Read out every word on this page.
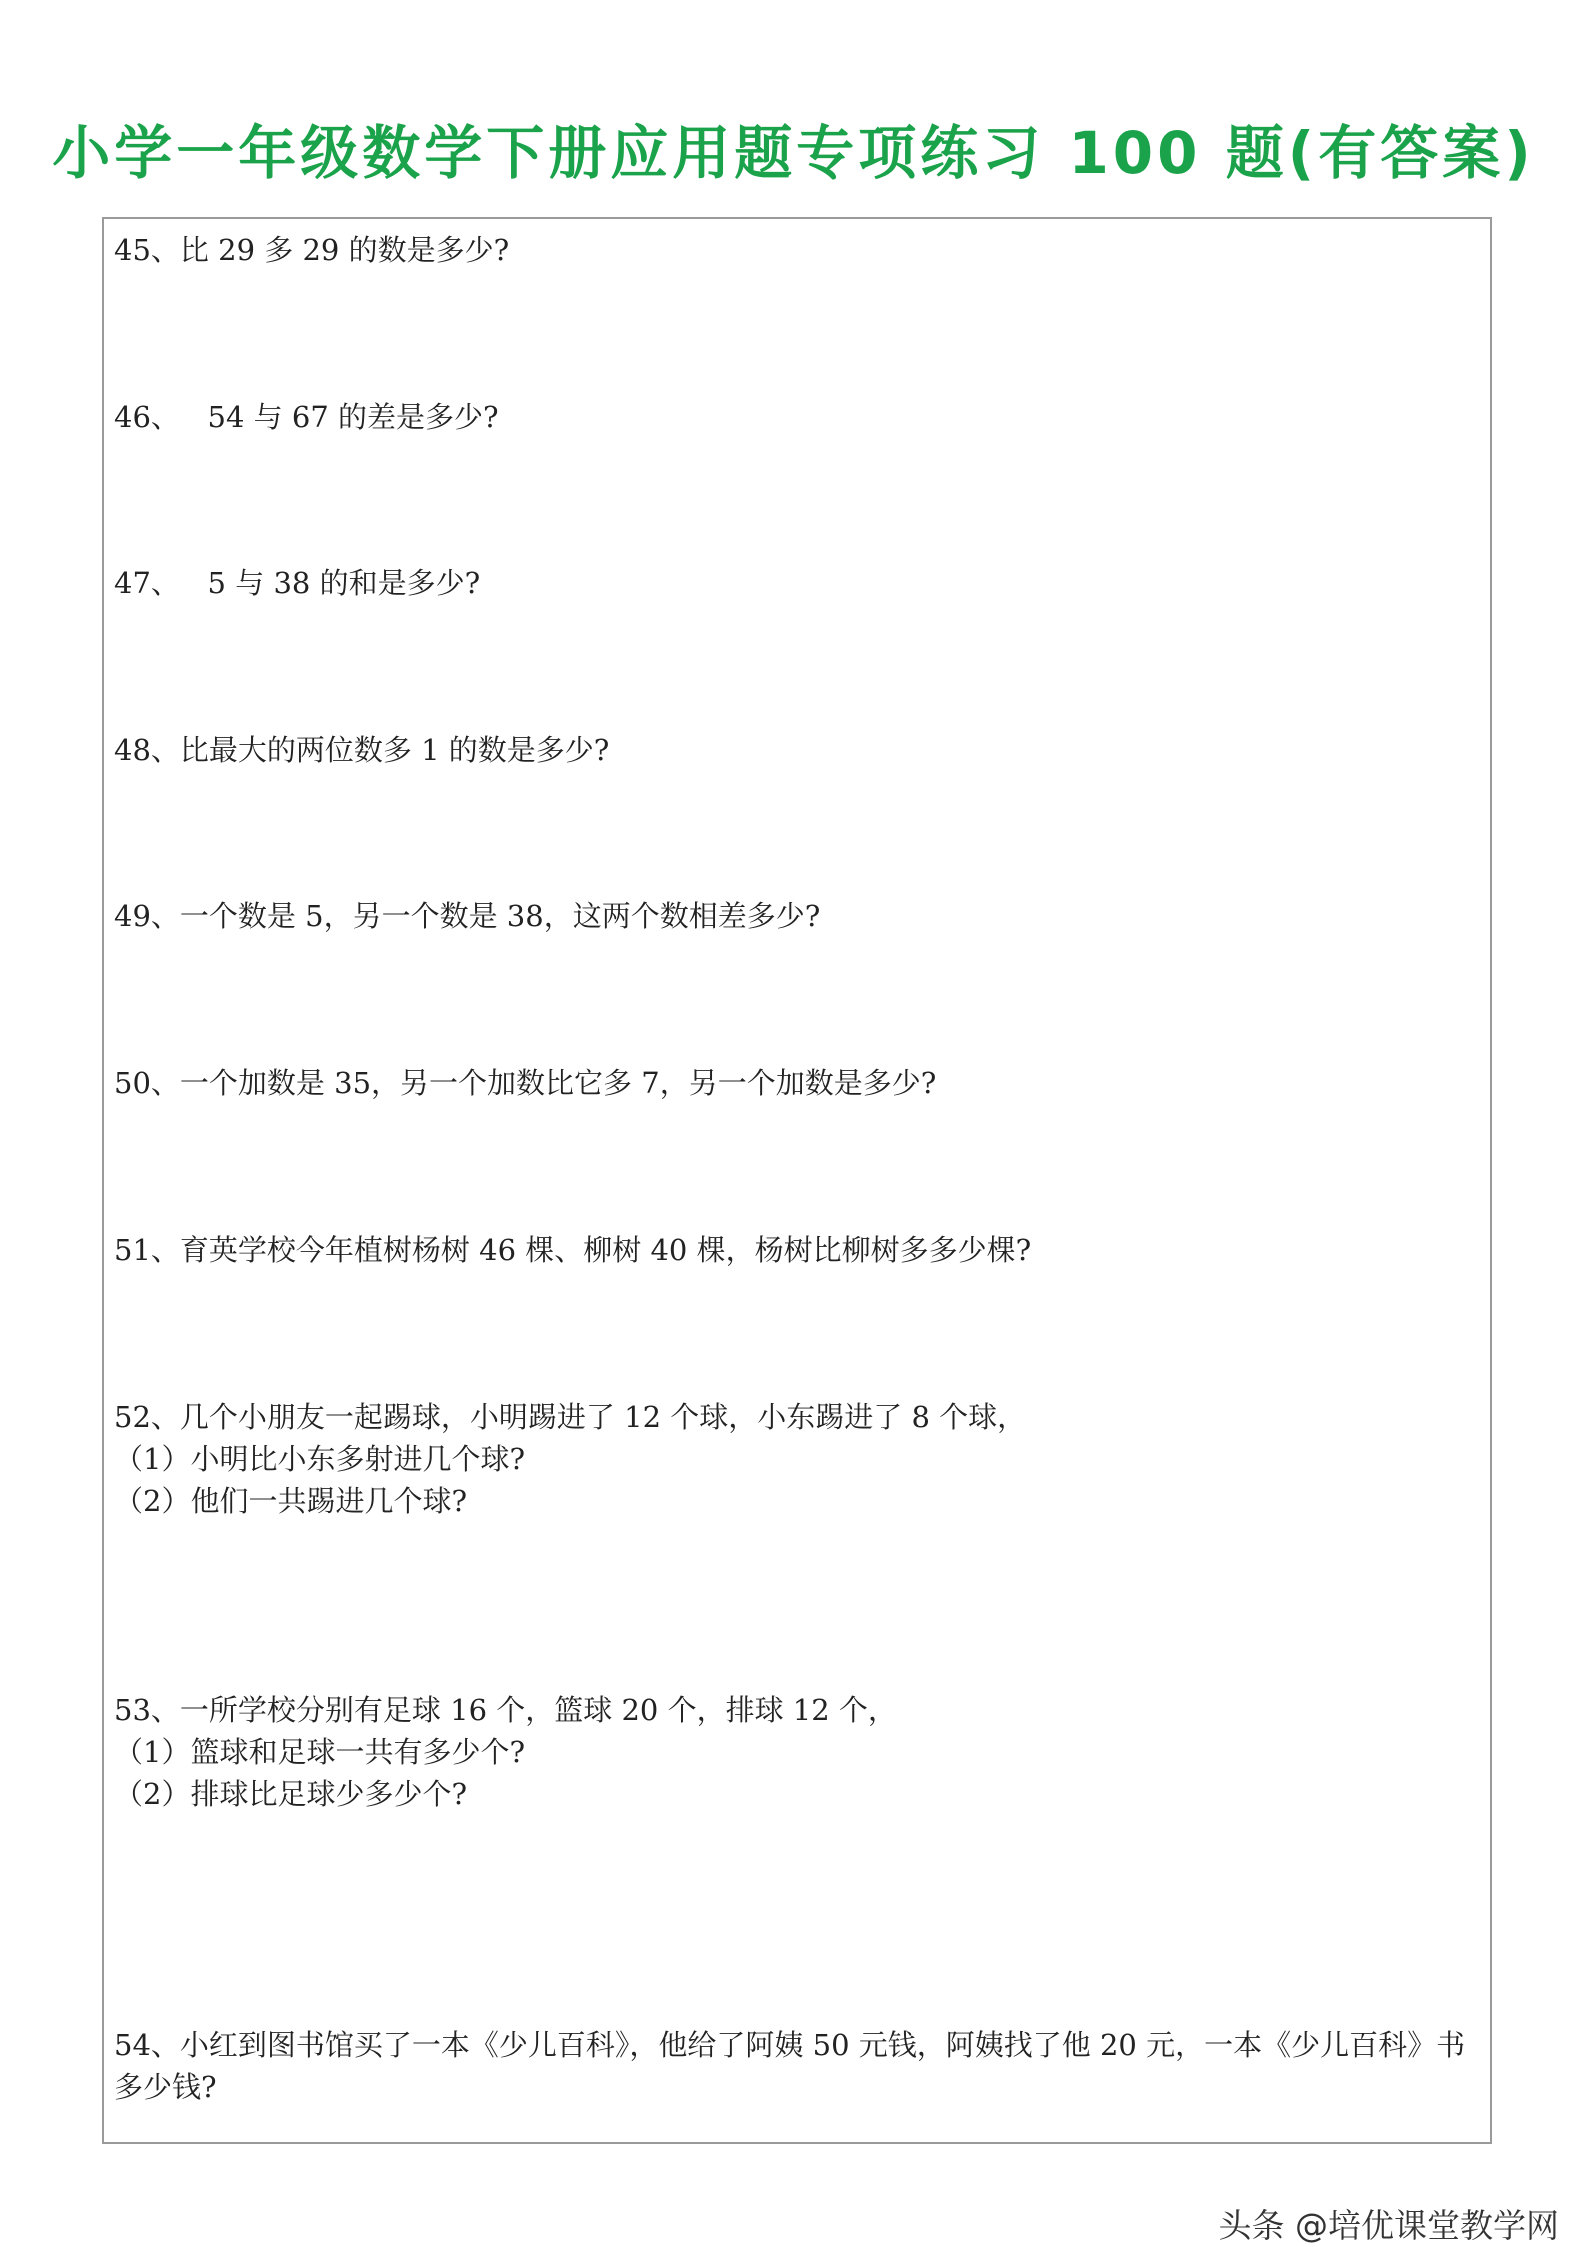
小学一年级数学下册应用题专项练习 100 题(有答案)
45、比 29 多 29 的数是多少?
46、   54 与 67 的差是多少?
47、   5 与 38 的和是多少?
48、比最大的两位数多 1 的数是多少?
49、一个数是 5，另一个数是 38，这两个数相差多少?
50、一个加数是 35，另一个加数比它多 7，另一个加数是多少?
51、育英学校今年植树杨树 46 棵、柳树 40 棵，杨树比柳树多多少棵?
52、几个小朋友一起踢球，小明踢进了 12 个球，小东踢进了 8 个球，
（1）小明比小东多射进几个球?
（2）他们一共踢进几个球?
53、一所学校分别有足球 16 个，篮球 20 个，排球 12 个，
（1）篮球和足球一共有多少个?
（2）排球比足球少多少个?
54、小红到图书馆买了一本《少儿百科》，他给了阿姨 50 元钱，阿姨找了他 20 元，一本《少儿百科》书多少钱?
头条 @培优课堂教学网
